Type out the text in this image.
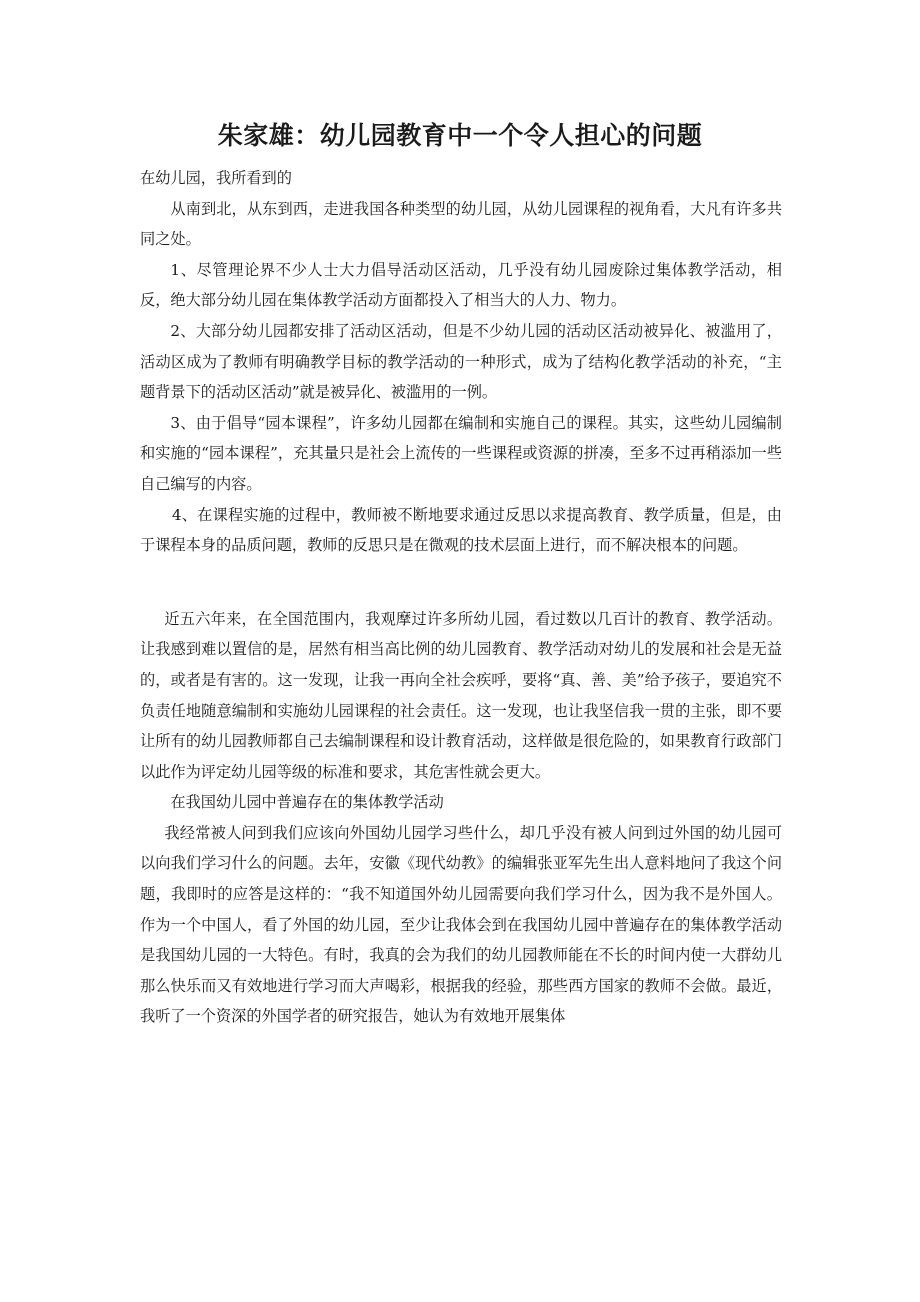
朱家雄：幼儿园教育中一个令人担心的问题

在幼儿园，我所看到的

从南到北，从东到西，走进我国各种类型的幼儿园，从幼儿园课程的视角看，大凡有许多共同之处。

1、尽管理论界不少人士大力倡导活动区活动，几乎没有幼儿园废除过集体教学活动，相反，绝大部分幼儿园在集体教学活动方面都投入了相当大的人力、物力。

2、大部分幼儿园都安排了活动区活动，但是不少幼儿园的活动区活动被异化、被滥用了，活动区成为了教师有明确教学目标的教学活动的一种形式，成为了结构化教学活动的补充，“主题背景下的活动区活动”就是被异化、被滥用的一例。

3、由于倡导“园本课程”，许多幼儿园都在编制和实施自己的课程。其实，这些幼儿园编制和实施的“园本课程”，充其量只是社会上流传的一些课程或资源的拼凑，至多不过再稍添加一些自己编写的内容。

4、在课程实施的过程中，教师被不断地要求通过反思以求提高教育、教学质量，但是，由于课程本身的品质问题，教师的反思只是在微观的技术层面上进行，而不解决根本的问题。

近五六年来，在全国范围内，我观摩过许多所幼儿园，看过数以几百计的教育、教学活动。让我感到难以置信的是，居然有相当高比例的幼儿园教育、教学活动对幼儿的发展和社会是无益的，或者是有害的。这一发现，让我一再向全社会疾呼，要将“真、善、美”给予孩子，要追究不负责任地随意编制和实施幼儿园课程的社会责任。这一发现，也让我坚信我一贯的主张，即不要让所有的幼儿园教师都自己去编制课程和设计教育活动，这样做是很危险的，如果教育行政部门以此作为评定幼儿园等级的标准和要求，其危害性就会更大。

在我国幼儿园中普遍存在的集体教学活动

我经常被人问到我们应该向外国幼儿园学习些什么，却几乎没有被人问到过外国的幼儿园可以向我们学习什么的问题。去年，安徽《现代幼教》的编辑张亚军先生出人意料地问了我这个问题，我即时的应答是这样的：“我不知道国外幼儿园需要向我们学习什么，因为我不是外国人。作为一个中国人，看了外国的幼儿园，至少让我体会到在我国幼儿园中普遍存在的集体教学活动是我国幼儿园的一大特色。有时，我真的会为我们的幼儿园教师能在不长的时间内使一大群幼儿那么快乐而又有效地进行学习而大声喝彩，根据我的经验，那些西方国家的教师不会做。最近，我听了一个资深的外国学者的研究报告，她认为有效地开展集体
